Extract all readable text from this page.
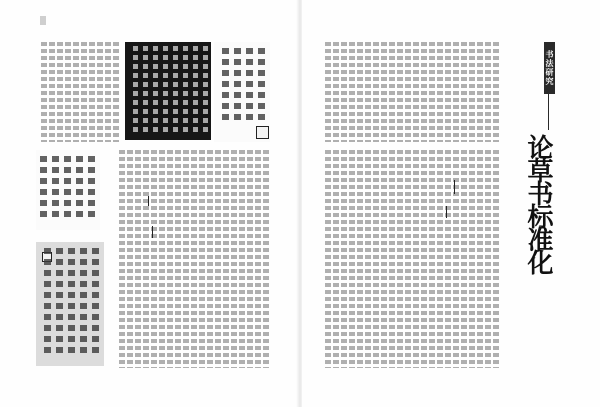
书法研究
论草书标准化
